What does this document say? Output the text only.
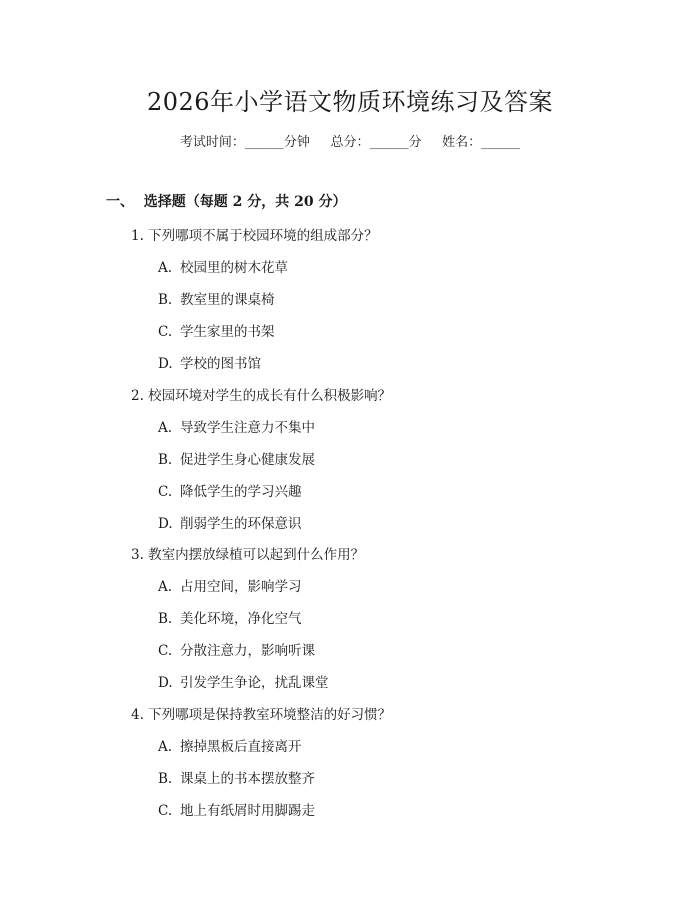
2026年小学语文物质环境练习及答案
考试时间：______分钟     总分：______分     姓名：______
一、  选择题（每题 2 分，共 20 分）
1. 下列哪项不属于校园环境的组成部分？
A. 校园里的树木花草
B. 教室里的课桌椅
C. 学生家里的书架
D. 学校的图书馆
2. 校园环境对学生的成长有什么积极影响？
A. 导致学生注意力不集中
B. 促进学生身心健康发展
C. 降低学生的学习兴趣
D. 削弱学生的环保意识
3. 教室内摆放绿植可以起到什么作用？
A. 占用空间，影响学习
B. 美化环境，净化空气
C. 分散注意力，影响听课
D. 引发学生争论，扰乱课堂
4. 下列哪项是保持教室环境整洁的好习惯？
A. 擦掉黑板后直接离开
B. 课桌上的书本摆放整齐
C. 地上有纸屑时用脚踢走
